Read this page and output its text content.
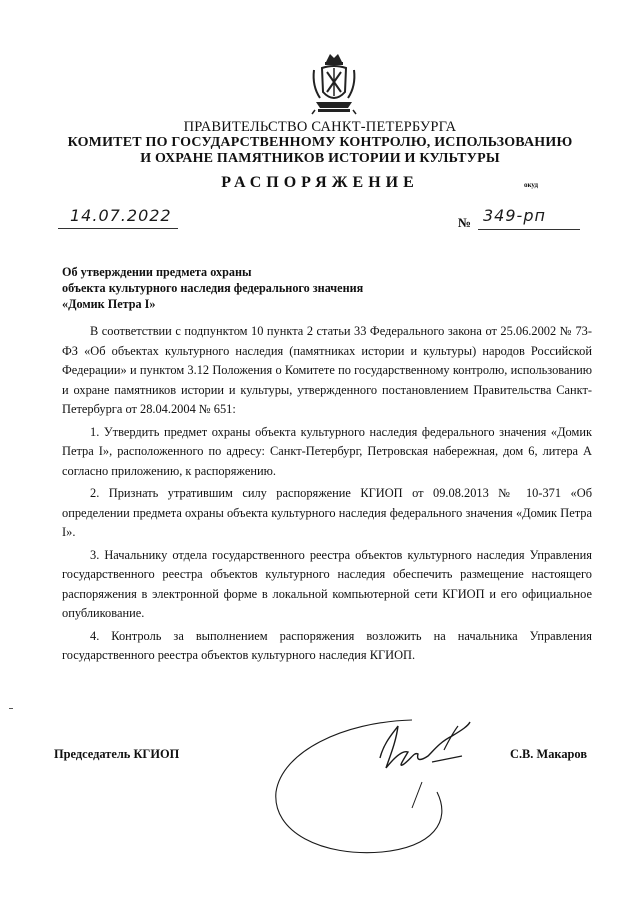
ПРАВИТЕЛЬСТВО САНКТ-ПЕТЕРБУРГА
КОМИТЕТ ПО ГОСУДАРСТВЕННОМУ КОНТРОЛЮ, ИСПОЛЬЗОВАНИЮ
И ОХРАНЕ ПАМЯТНИКОВ ИСТОРИИ И КУЛЬТУРЫ
РАСПОРЯЖЕНИЕ	окуд
14.07.2022	№ 349-рп
Об утверждении предмета охраны
объекта культурного наследия федерального значения
«Домик Петра I»

В соответствии с подпунктом 10 пункта 2 статьи 33 Федерального закона от 25.06.2002 № 73-ФЗ «Об объектах культурного наследия (памятниках истории и культуры) народов Российской Федерации» и пунктом 3.12 Положения о Комитете по государственному контролю, использованию и охране памятников истории и культуры, утвержденного постановлением Правительства Санкт-Петербурга от 28.04.2004 № 651:

1. Утвердить предмет охраны объекта культурного наследия федерального значения «Домик Петра I», расположенного по адресу: Санкт-Петербург, Петровская набережная, дом 6, литера А согласно приложению, к распоряжению.

2. Признать утратившим силу распоряжение КГИОП от 09.08.2013 № 10-371 «Об определении предмета охраны объекта культурного наследия федерального значения «Домик Петра I».

3. Начальнику отдела государственного реестра объектов культурного наследия Управления государственного реестра объектов культурного наследия обеспечить размещение настоящего распоряжения в электронной форме в локальной компьютерной сети КГИОП и его официальное опубликование.

4. Контроль за выполнением распоряжения возложить на начальника Управления государственного реестра объектов культурного наследия КГИОП.

Председатель КГИОП	С.В. Макаров
